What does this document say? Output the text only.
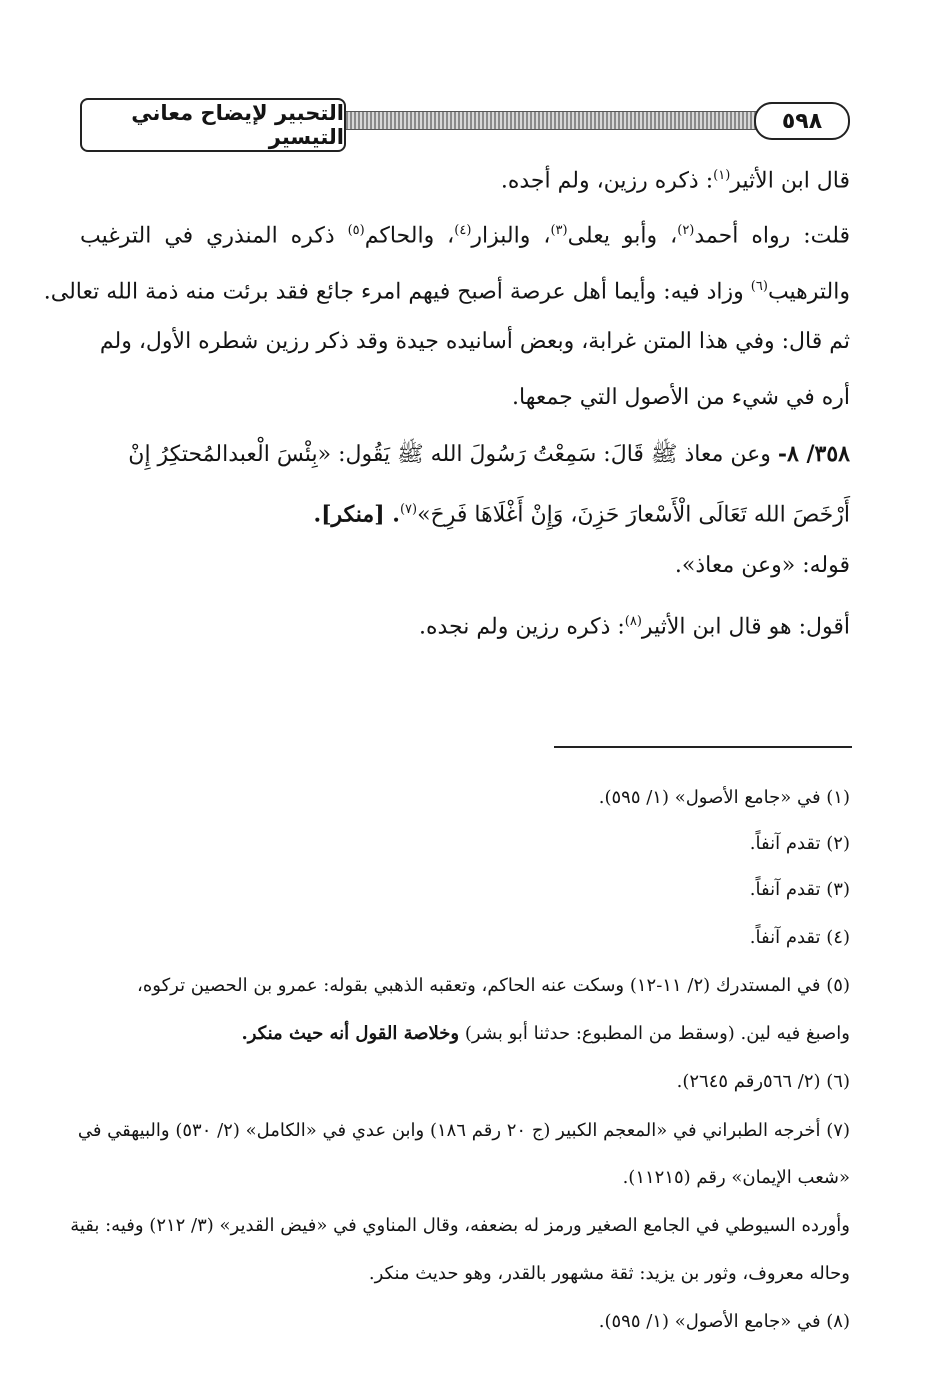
التحبير لإيضاح معاني التيسير
٥٩٨
قال ابن الأثير$^{(١)}$: ذكره رزين، ولم أجده.
قلت: رواه أحمد$^{(٢)}$، وأبو يعلى$^{(٣)}$، والبزار$^{(٤)}$، والحاكم$^{(٥)}$ ذكره المنذري في الترغيب
والترهيب$^{(٦)}$ وزاد فيه: وأيما أهل عرصة أصبح فيهم امرء جائع فقد برئت منه ذمة الله تعالى.
ثم قال: وفي هذا المتن غرابة، وبعض أسانيده جيدة وقد ذكر رزين شطره الأول، ولم
أره في شيء من الأصول التي جمعها.
٣٥٨/ ٨- وعن معاذ ﷺ قَالَ: سَمِعْتُ رَسُولَ الله ﷺ يَقُول: «بِئْسَ الْعبدالمُحتكِرُ إِنْ
أَرْخَصَ الله تَعَالَى الْأَسْعارَ حَزِنَ، وَإِنْ أَغْلَاهَا فَرِحَ»$^{(٧)}$. [منكر].
قوله: «وعن معاذ».
أقول: هو قال ابن الأثير$^{(٨)}$: ذكره رزين ولم نجده.
(١) في «جامع الأصول» (١/ ٥٩٥).
(٢) تقدم آنفاً.
(٣) تقدم آنفاً.
(٤) تقدم آنفاً.
(٥) في المستدرك (٢/ ١١-١٢) وسكت عنه الحاكم، وتعقبه الذهبي بقوله: عمرو بن الحصين تركوه،
واصبغ فيه لين. (وسقط من المطبوع: حدثنا أبو بشر) وخلاصة القول أنه حيث منكر.
(٦) (٢/ ٥٦٦رقم ٢٦٤٥).
(٧) أخرجه الطبراني في «المعجم الكبير (ج ٢٠ رقم ١٨٦) وابن عدي في «الكامل» (٢/ ٥٣٠) والبيهقي في
«شعب الإيمان» رقم (١١٢١٥).
وأورده السيوطي في الجامع الصغير ورمز له بضعفه، وقال المناوي في «فيض القدير» (٣/ ٢١٢) وفيه: بقية
وحاله معروف، وثور بن يزيد: ثقة مشهور بالقدر، وهو حديث منكر.
(٨) في «جامع الأصول» (١/ ٥٩٥).
